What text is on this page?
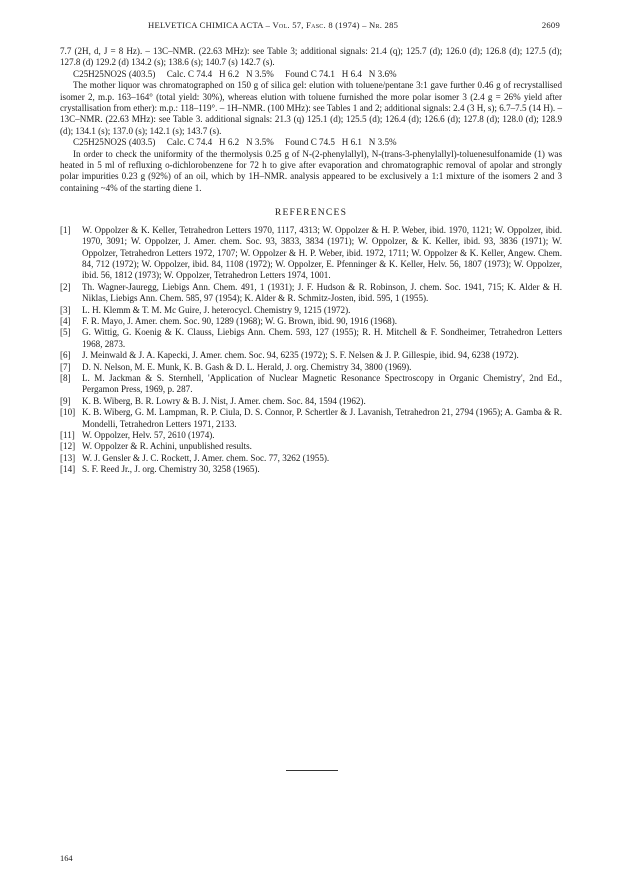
HELVETICA CHIMICA ACTA – Vol. 57, Fasc. 8 (1974) – Nr. 285	2609

7.7 (2H, d, J = 8 Hz). – 13C–NMR. (22.63 MHz): see Table 3; additional signals: 21.4 (q); 125.7 (d); 126.0 (d); 126.8 (d); 127.5 (d); 127.8 (d) 129.2 (d) 134.2 (s); 138.6 (s); 140.7 (s) 142.7 (s).

C25H25NO2S (403.5)     Calc. C 74.4   H 6.2   N 3.5%     Found C 74.1   H 6.4   N 3.6%

The mother liquor was chromatographed on 150 g of silica gel: elution with toluene/pentane 3:1 gave further 0.46 g of recrystallised isomer 2, m.p. 163–164° (total yield: 30%), whereas elution with toluene furnished the more polar isomer 3 (2.4 g = 26% yield after crystallisation from ether): m.p.: 118–119°. – 1H–NMR. (100 MHz): see Tables 1 and 2; additional signals: 2.4 (3 H, s); 6.7–7.5 (14 H). – 13C–NMR. (22.63 MHz): see Table 3. additional signals: 21.3 (q) 125.1 (d); 125.5 (d); 126.4 (d); 126.6 (d); 127.8 (d); 128.0 (d); 128.9 (d); 134.1 (s); 137.0 (s); 142.1 (s); 143.7 (s).

C25H25NO2S (403.5)     Calc. C 74.4   H 6.2   N 3.5%     Found C 74.5   H 6.1   N 3.5%

In order to check the uniformity of the thermolysis 0.25 g of N-(2-phenylallyl), N-(trans-3-phenylallyl)-toluenesulfonamide (1) was heated in 5 ml of refluxing o-dichlorobenzene for 72 h to give after evaporation and chromatographic removal of apolar and strongly polar impurities 0.23 g (92%) of an oil, which by 1H–NMR. analysis appeared to be exclusively a 1:1 mixture of the isomers 2 and 3 containing ~4% of the starting diene 1.

REFERENCES
[1]	W. Oppolzer & K. Keller, Tetrahedron Letters 1970, 1117, 4313; W. Oppolzer & H. P. Weber, ibid. 1970, 1121; W. Oppolzer, ibid. 1970, 3091; W. Oppolzer, J. Amer. chem. Soc. 93, 3833, 3834 (1971); W. Oppolzer, & K. Keller, ibid. 93, 3836 (1971); W. Oppolzer, Tetrahedron Letters 1972, 1707; W. Oppolzer & H. P. Weber, ibid. 1972, 1711; W. Oppolzer & K. Keller, Angew. Chem. 84, 712 (1972); W. Oppolzer, ibid. 84, 1108 (1972); W. Oppolzer, E. Pfenninger & K. Keller, Helv. 56, 1807 (1973); W. Oppolzer, ibid. 56, 1812 (1973); W. Oppolzer, Tetrahedron Letters 1974, 1001.
[2]	Th. Wagner-Jauregg, Liebigs Ann. Chem. 491, 1 (1931); J. F. Hudson & R. Robinson, J. chem. Soc. 1941, 715; K. Alder & H. Niklas, Liebigs Ann. Chem. 585, 97 (1954); K. Alder & R. Schmitz-Josten, ibid. 595, 1 (1955).
[3]	L. H. Klemm & T. M. Mc Guire, J. heterocycl. Chemistry 9, 1215 (1972).
[4]	F. R. Mayo, J. Amer. chem. Soc. 90, 1289 (1968); W. G. Brown, ibid. 90, 1916 (1968).
[5]	G. Wittig, G. Koenig & K. Clauss, Liebigs Ann. Chem. 593, 127 (1955); R. H. Mitchell & F. Sondheimer, Tetrahedron Letters 1968, 2873.
[6]	J. Meinwald & J. A. Kapecki, J. Amer. chem. Soc. 94, 6235 (1972); S. F. Nelsen & J. P. Gillespie, ibid. 94, 6238 (1972).
[7]	D. N. Nelson, M. E. Munk, K. B. Gash & D. L. Herald, J. org. Chemistry 34, 3800 (1969).
[8]	L. M. Jackman & S. Sternhell, 'Application of Nuclear Magnetic Resonance Spectroscopy in Organic Chemistry', 2nd Ed., Pergamon Press, 1969, p. 287.
[9]	K. B. Wiberg, B. R. Lowry & B. J. Nist, J. Amer. chem. Soc. 84, 1594 (1962).
[10] K. B. Wiberg, G. M. Lampman, R. P. Ciula, D. S. Connor, P. Schertler & J. Lavanish, Tetrahedron 21, 2794 (1965); A. Gamba & R. Mondelli, Tetrahedron Letters 1971, 2133.
[11] W. Oppolzer, Helv. 57, 2610 (1974).
[12] W. Oppolzer & R. Achini, unpublished results.
[13] W. J. Gensler & J. C. Rockett, J. Amer. chem. Soc. 77, 3262 (1955).
[14] S. F. Reed Jr., J. org. Chemistry 30, 3258 (1965).
164
